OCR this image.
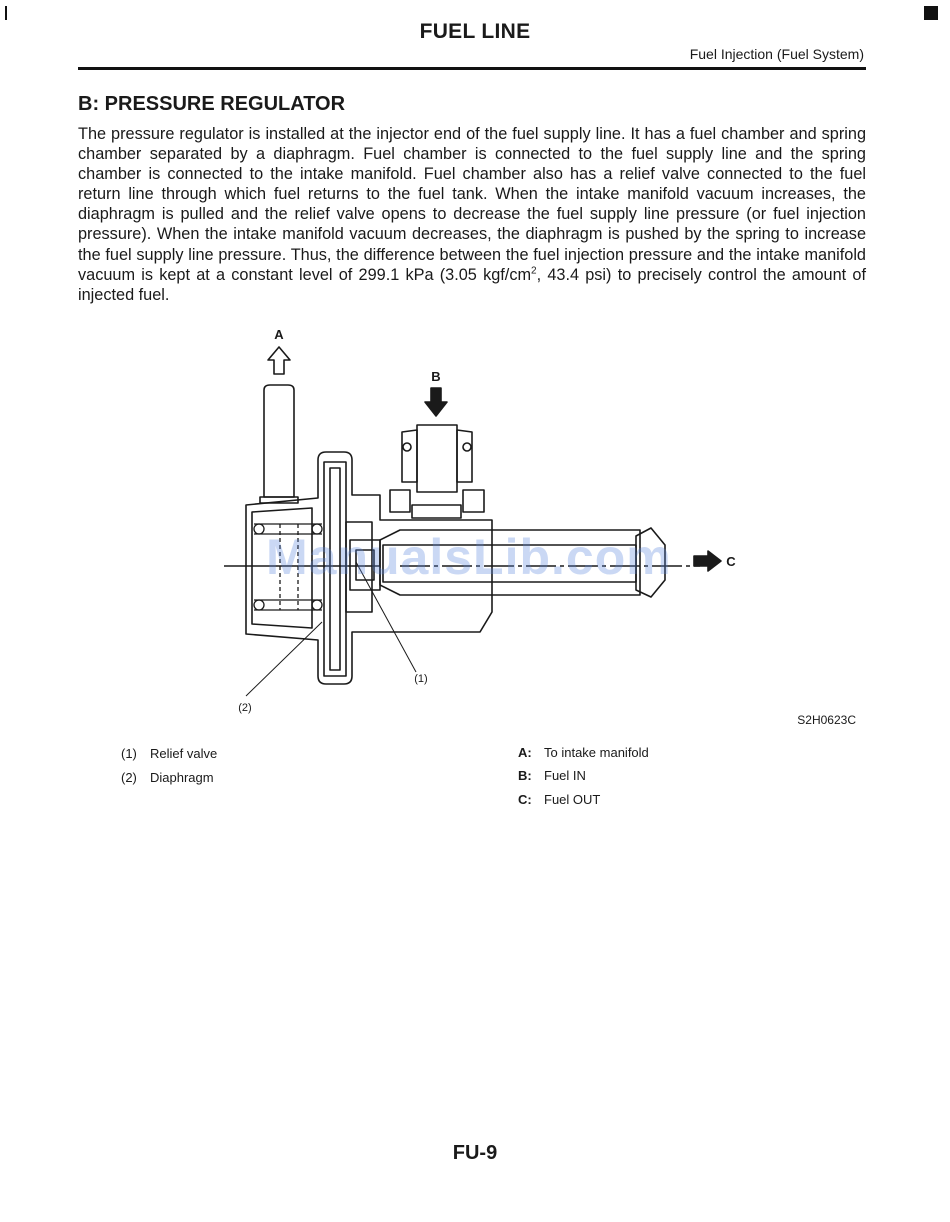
FUEL LINE
Fuel Injection (Fuel System)
B: PRESSURE REGULATOR
The pressure regulator is installed at the injector end of the fuel supply line. It has a fuel chamber and spring chamber separated by a diaphragm. Fuel chamber is connected to the fuel supply line and the spring chamber is connected to the intake manifold. Fuel chamber also has a relief valve connected to the fuel return line through which fuel returns to the fuel tank. When the intake manifold vacuum increases, the diaphragm is pulled and the relief valve opens to decrease the fuel supply line pressure (or fuel injection pressure). When the intake manifold vacuum decreases, the diaphragm is pushed by the spring to increase the fuel supply line pressure. Thus, the difference between the fuel injection pressure and the intake manifold vacuum is kept at a constant level of 299.1 kPa (3.05 kgf/$cm^2$, 43.4 psi) to precisely control the amount of injected fuel.
A
B
C
(1)
(2)
ManualsLib.com
S2H0623C
(1) Relief valve
(2) Diaphragm
A: To intake manifold
B: Fuel IN
C: Fuel OUT
FU-9
